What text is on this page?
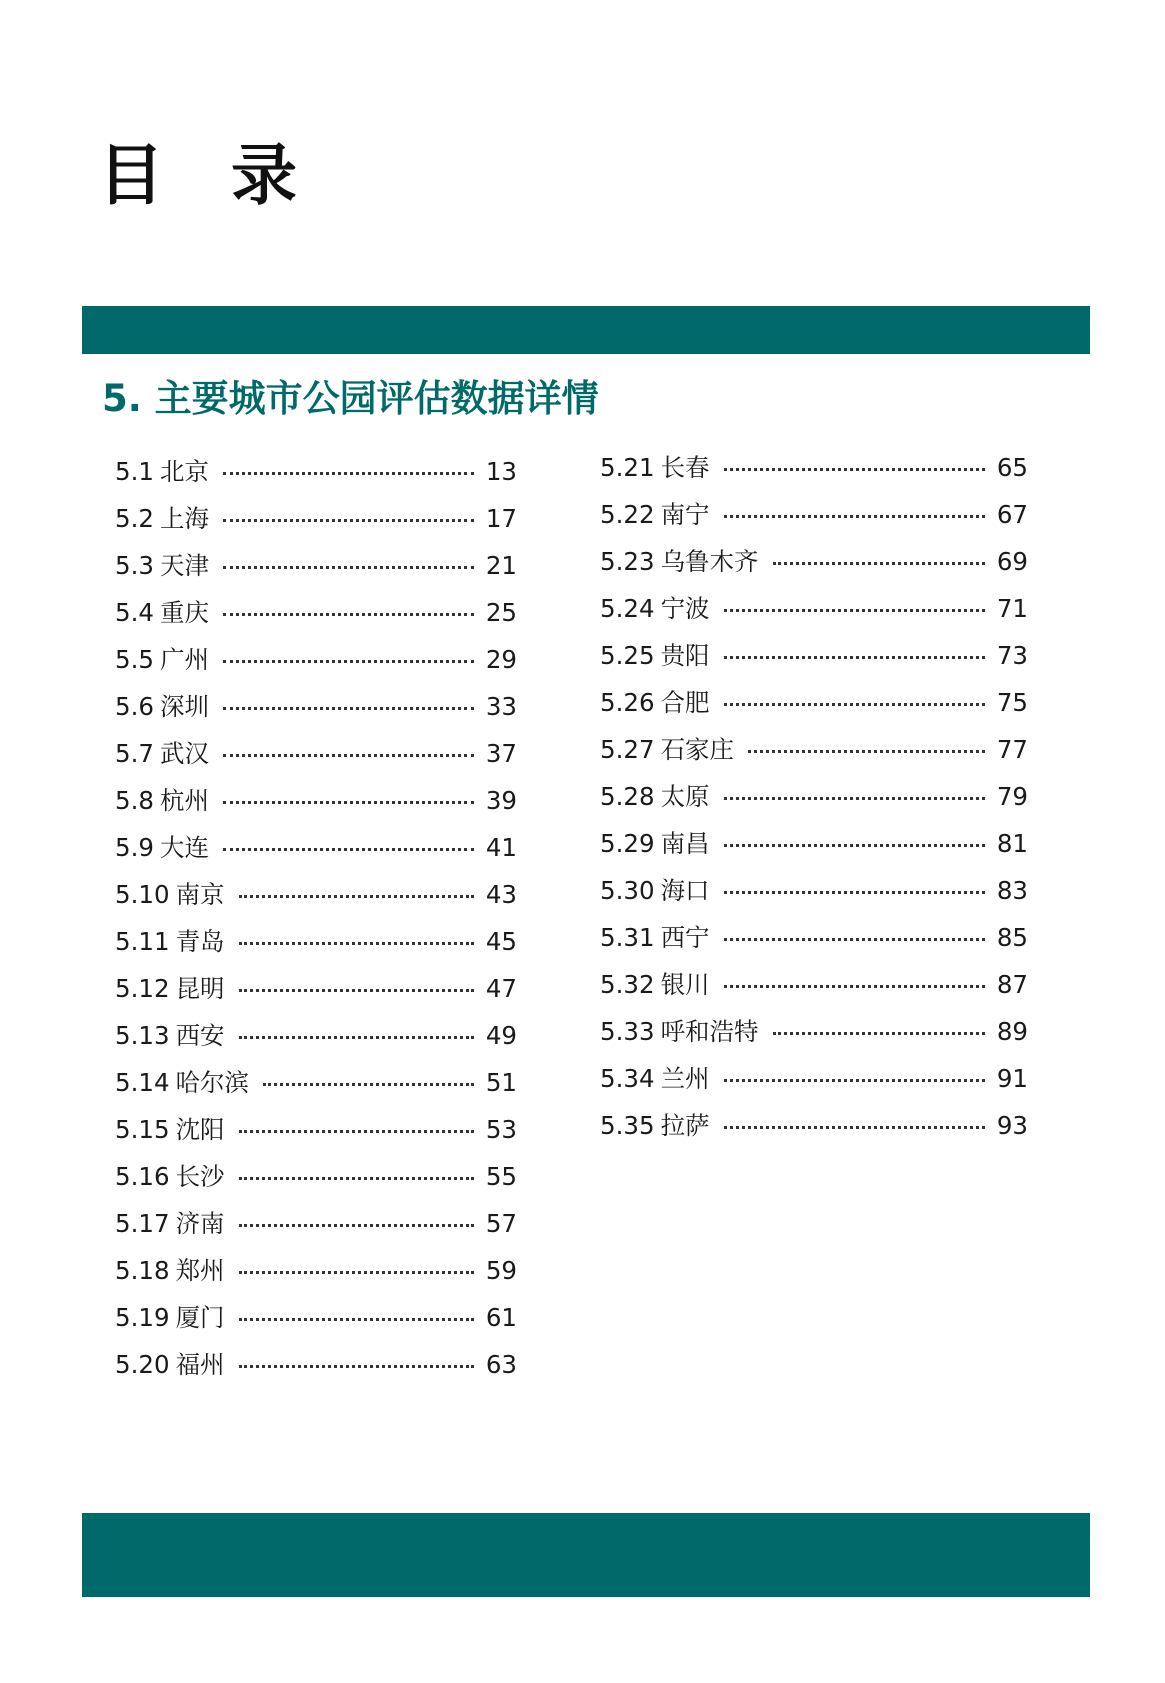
目 录
5. 主要城市公园评估数据详情
5.1 北京	13
5.2 上海	17
5.3 天津	21
5.4 重庆	25
5.5 广州	29
5.6 深圳	33
5.7 武汉	37
5.8 杭州	39
5.9 大连	41
5.10 南京	43
5.11 青岛	45
5.12 昆明	47
5.13 西安	49
5.14 哈尔滨	51
5.15 沈阳	53
5.16 长沙	55
5.17 济南	57
5.18 郑州	59
5.19 厦门	61
5.20 福州	63
5.21 长春	65
5.22 南宁	67
5.23 乌鲁木齐	69
5.24 宁波	71
5.25 贵阳	73
5.26 合肥	75
5.27 石家庄	77
5.28 太原	79
5.29 南昌	81
5.30 海口	83
5.31 西宁	85
5.32 银川	87
5.33 呼和浩特	89
5.34 兰州	91
5.35 拉萨	93
